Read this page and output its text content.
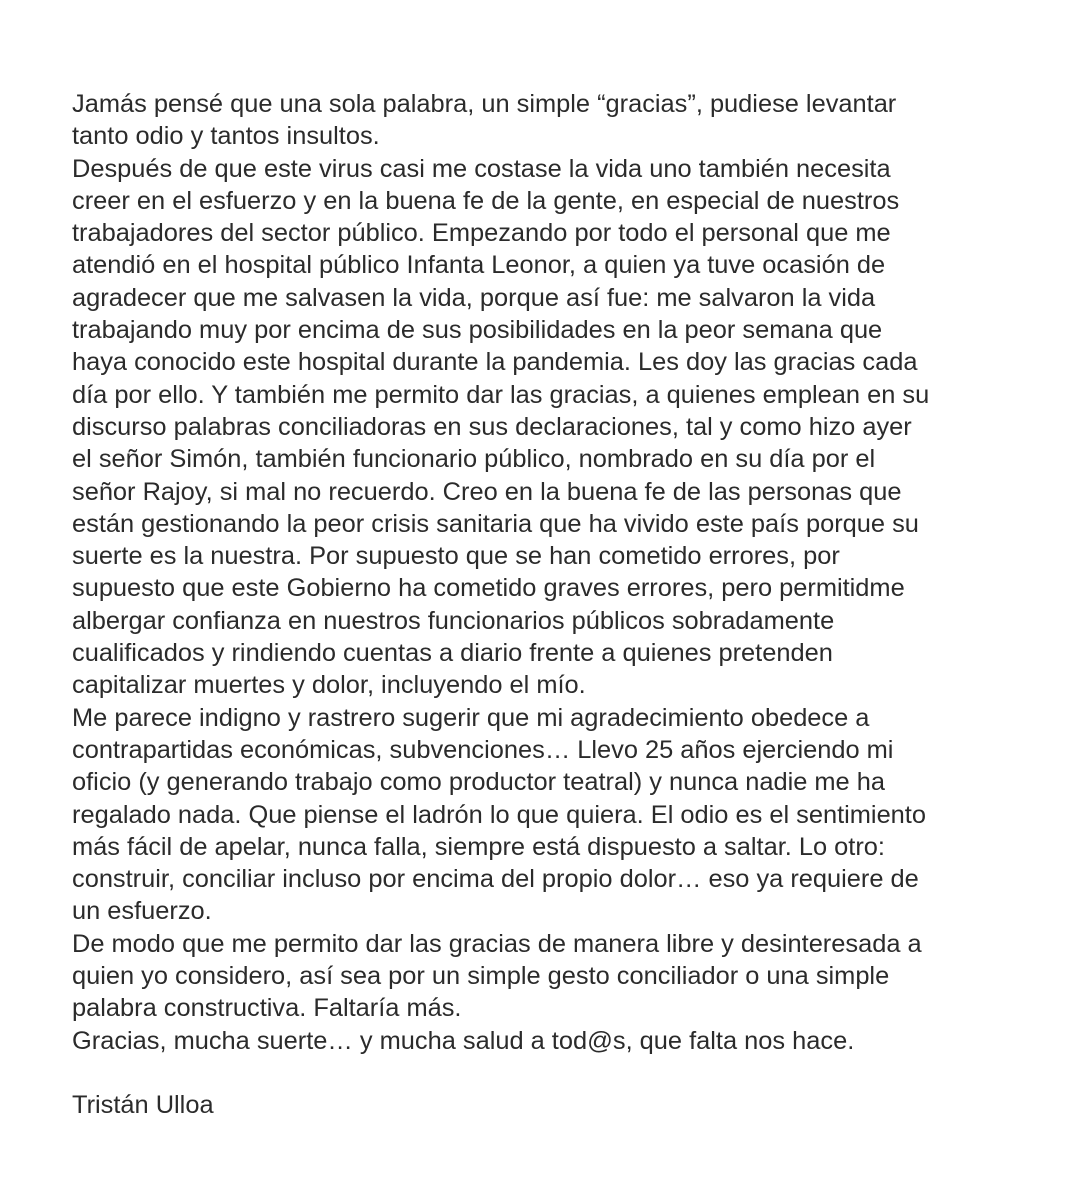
Jamás pensé que una sola palabra, un simple “gracias”, pudiese levantar
tanto odio y tantos insultos.
Después de que este virus casi me costase la vida uno también necesita
creer en el esfuerzo y en la buena fe de la gente, en especial de nuestros
trabajadores del sector público. Empezando por todo el personal que me
atendió en el hospital público Infanta Leonor, a quien ya tuve ocasión de
agradecer que me salvasen la vida, porque así fue: me salvaron la vida
trabajando muy por encima de sus posibilidades en la peor semana que
haya conocido este hospital durante la pandemia. Les doy las gracias cada
día por ello. Y también me permito dar las gracias, a quienes emplean en su
discurso palabras conciliadoras en sus declaraciones, tal y como hizo ayer
el señor Simón, también funcionario público, nombrado en su día por el
señor Rajoy, si mal no recuerdo. Creo en la buena fe de las personas que
están gestionando la peor crisis sanitaria que ha vivido este país porque su
suerte es la nuestra. Por supuesto que se han cometido errores, por
supuesto que este Gobierno ha cometido graves errores, pero permitidme
albergar confianza en nuestros funcionarios públicos sobradamente
cualificados y rindiendo cuentas a diario frente a quienes pretenden
capitalizar muertes y dolor, incluyendo el mío.
Me parece indigno y rastrero sugerir que mi agradecimiento obedece a
contrapartidas económicas, subvenciones… Llevo 25 años ejerciendo mi
oficio (y generando trabajo como productor teatral) y nunca nadie me ha
regalado nada. Que piense el ladrón lo que quiera. El odio es el sentimiento
más fácil de apelar, nunca falla, siempre está dispuesto a saltar. Lo otro:
construir, conciliar incluso por encima del propio dolor… eso ya requiere de
un esfuerzo.
De modo que me permito dar las gracias de manera libre y desinteresada a
quien yo considero, así sea por un simple gesto conciliador o una simple
palabra constructiva. Faltaría más.
Gracias, mucha suerte… y mucha salud a tod@s, que falta nos hace.
Tristán Ulloa
